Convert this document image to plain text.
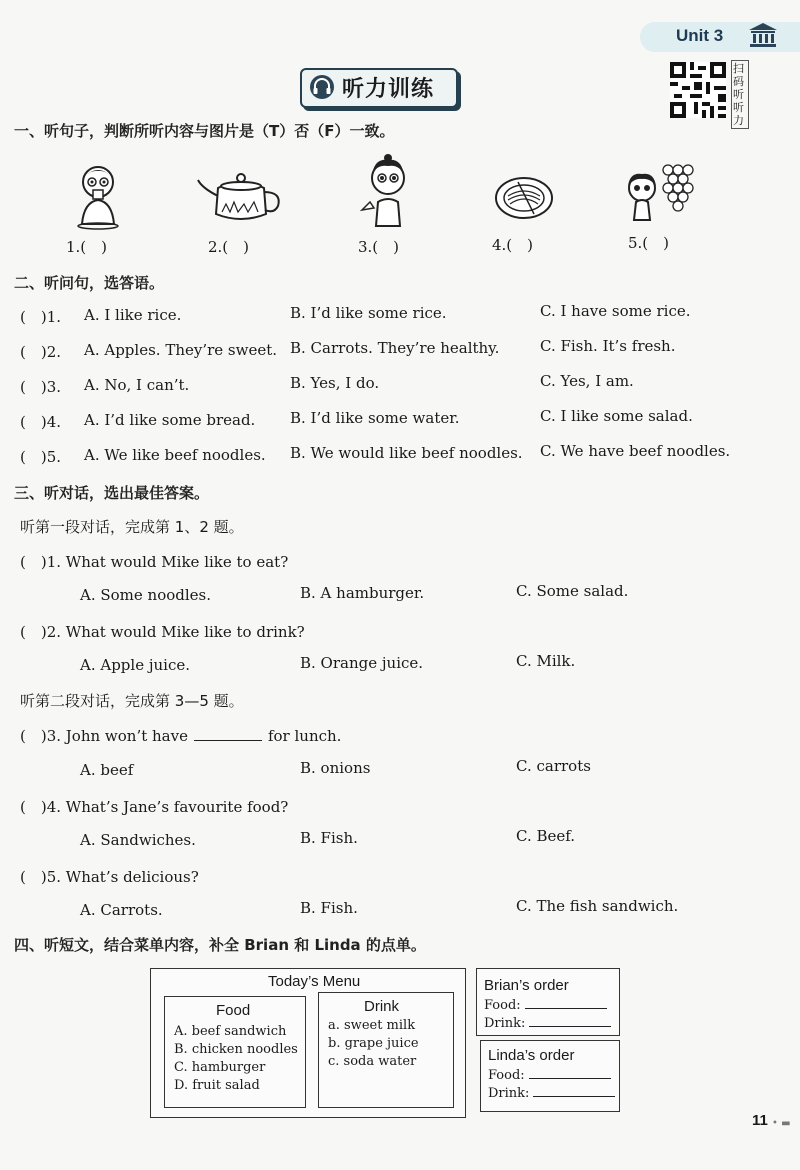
Unit 3
听力训练
扫码听听力
一、听句子，判断所听内容与图片是（T）否（F）一致。
1.(　)	2.(　)	3.(　)	4.(　)	5.(　)
二、听问句，选答语。
(　)1. A. I like rice.	B. I’d like some rice.	C. I have some rice.
(　)2. A. Apples. They’re sweet. B. Carrots. They’re healthy.	C. Fish. It’s fresh.
(　)3. A. No, I can’t.	B. Yes, I do.	C. Yes, I am.
(　)4. A. I’d like some bread. B. I’d like some water.	C. I like some salad.
(　)5. A. We like beef noodles. B. We would like beef noodles. C. We have beef noodles.
三、听对话，选出最佳答案。
听第一段对话，完成第 1、2 题。
(　)1. What would Mike like to eat?
A. Some noodles.	B. A hamburger.	C. Some salad.
(　)2. What would Mike like to drink?
A. Apple juice.	B. Orange juice.	C. Milk.
听第二段对话，完成第 3—5 题。
(　)3. John won’t have	for lunch.
A. beef	B. onions	C. carrots
(　)4. What’s Jane’s favourite food?
A. Sandwiches.	B. Fish.	C. Beef.
(　)5. What’s delicious?
A. Carrots.	B. Fish.	C. The fish sandwich.
四、听短文，结合菜单内容，补全 Brian 和 Linda 的点单。
Today’s Menu
Food
A. beef sandwich
B. chicken noodles
C. hamburger
D. fruit salad
Drink
a. sweet milk
b. grape juice
c. soda water
Brian’s order
Food:
Drink:
Linda’s order
Food:
Drink:
11 • ▬
